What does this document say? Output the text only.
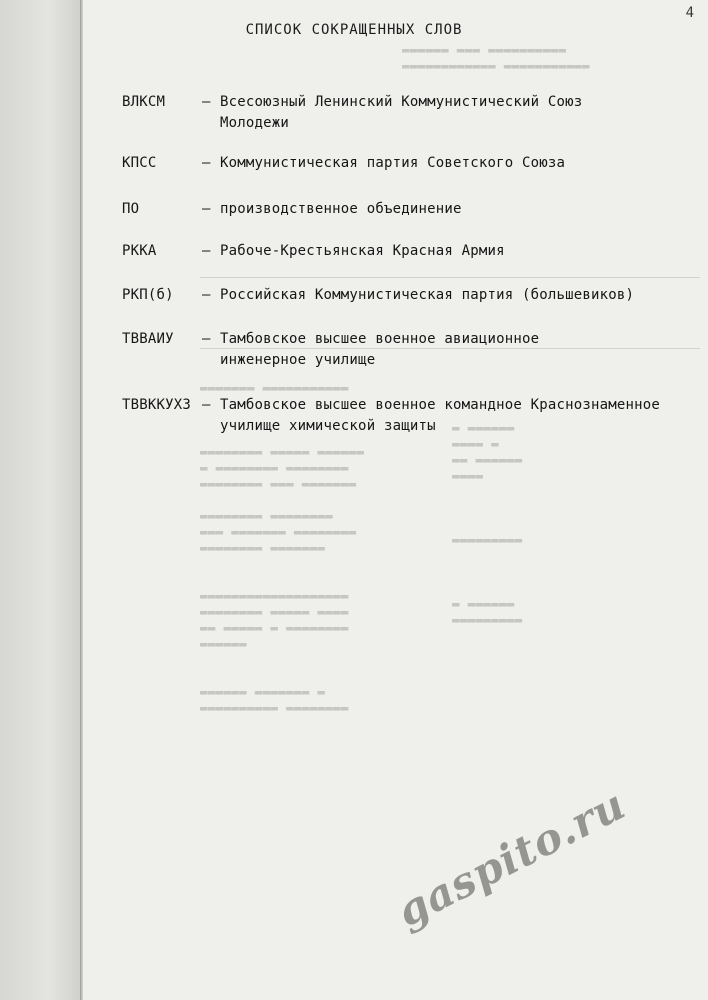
▬▬▬▬▬▬ ▬▬▬ ▬▬▬▬▬▬▬▬▬▬
▬▬▬▬▬▬▬▬▬▬▬▬ ▬▬▬▬▬▬▬▬▬▬▬
▬▬▬▬▬▬▬ ▬▬▬▬▬▬▬▬▬▬▬

▬▬▬▬▬▬▬▬ ▬▬▬▬▬ ▬▬▬▬▬▬
▬ ▬▬▬▬▬▬▬▬ ▬▬▬▬▬▬▬▬
▬▬▬▬▬▬▬▬ ▬▬▬ ▬▬▬▬▬▬▬

▬▬▬▬▬▬▬▬ ▬▬▬▬▬▬▬▬
▬▬▬ ▬▬▬▬▬▬▬ ▬▬▬▬▬▬▬▬
▬▬▬▬▬▬▬▬ ▬▬▬▬▬▬▬

▬▬▬▬▬▬▬▬▬▬▬▬▬▬▬▬▬▬▬
▬▬▬▬▬▬▬▬ ▬▬▬▬▬ ▬▬▬▬
▬▬ ▬▬▬▬▬ ▬ ▬▬▬▬▬▬▬▬
▬▬▬▬▬▬

▬▬▬▬▬▬ ▬▬▬▬▬▬▬ ▬
▬▬▬▬▬▬▬▬▬▬ ▬▬▬▬▬▬▬▬
▬ ▬▬▬▬▬▬
▬▬▬▬ ▬
▬▬ ▬▬▬▬▬▬
▬▬▬▬

▬▬▬▬▬▬▬▬▬

▬ ▬▬▬▬▬▬
▬▬▬▬▬▬▬▬▬
4
СПИСОК СОКРАЩЕННЫХ СЛОВ
ВЛКСМ	– Всесоюзный Ленинский Коммунистический Союз Молодежи
КПСС	– Коммунистическая партия Советского Союза
ПО	– производственное объединение
РККА	– Рабоче-Крестьянская Красная Армия
РКП(б)	– Российская Коммунистическая партия (большевиков)
ТВВАИУ	– Тамбовское высшее военное авиационное инженерное училище
ТВВККУХЗ – Тамбовское высшее военное командное Краснознаменное училище химической защиты
gaspito.ru
